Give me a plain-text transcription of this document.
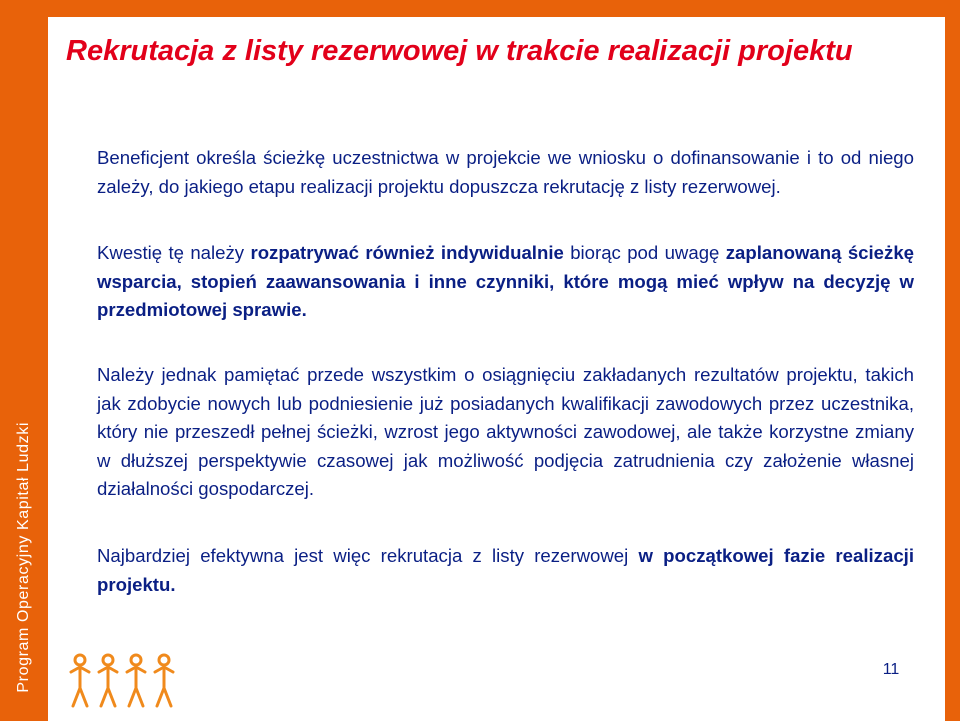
Program Operacyjny Kapitał Ludzki
Rekrutacja z listy rezerwowej w trakcie realizacji projektu

Beneficjent określa ścieżkę uczestnictwa w projekcie we wniosku o dofinansowanie i to od niego zależy, do jakiego etapu realizacji projektu dopuszcza rekrutację z listy rezerwowej.

Kwestię tę należy rozpatrywać również indywidualnie biorąc pod uwagę zaplanowaną ścieżkę wsparcia, stopień zaawansowania i inne czynniki, które mogą mieć wpływ na decyzję w przedmiotowej sprawie.

Należy jednak pamiętać przede wszystkim o osiągnięciu zakładanych rezultatów projektu, takich jak zdobycie nowych lub podniesienie już posiadanych kwalifikacji zawodowych przez uczestnika, który nie przeszedł pełnej ścieżki, wzrost jego aktywności zawodowej, ale także korzystne zmiany w dłuższej perspektywie czasowej jak możliwość podjęcia zatrudnienia czy założenie własnej działalności gospodarczej.

Najbardziej efektywna jest więc rekrutacja z listy rezerwowej w początkowej fazie realizacji projektu.

11
